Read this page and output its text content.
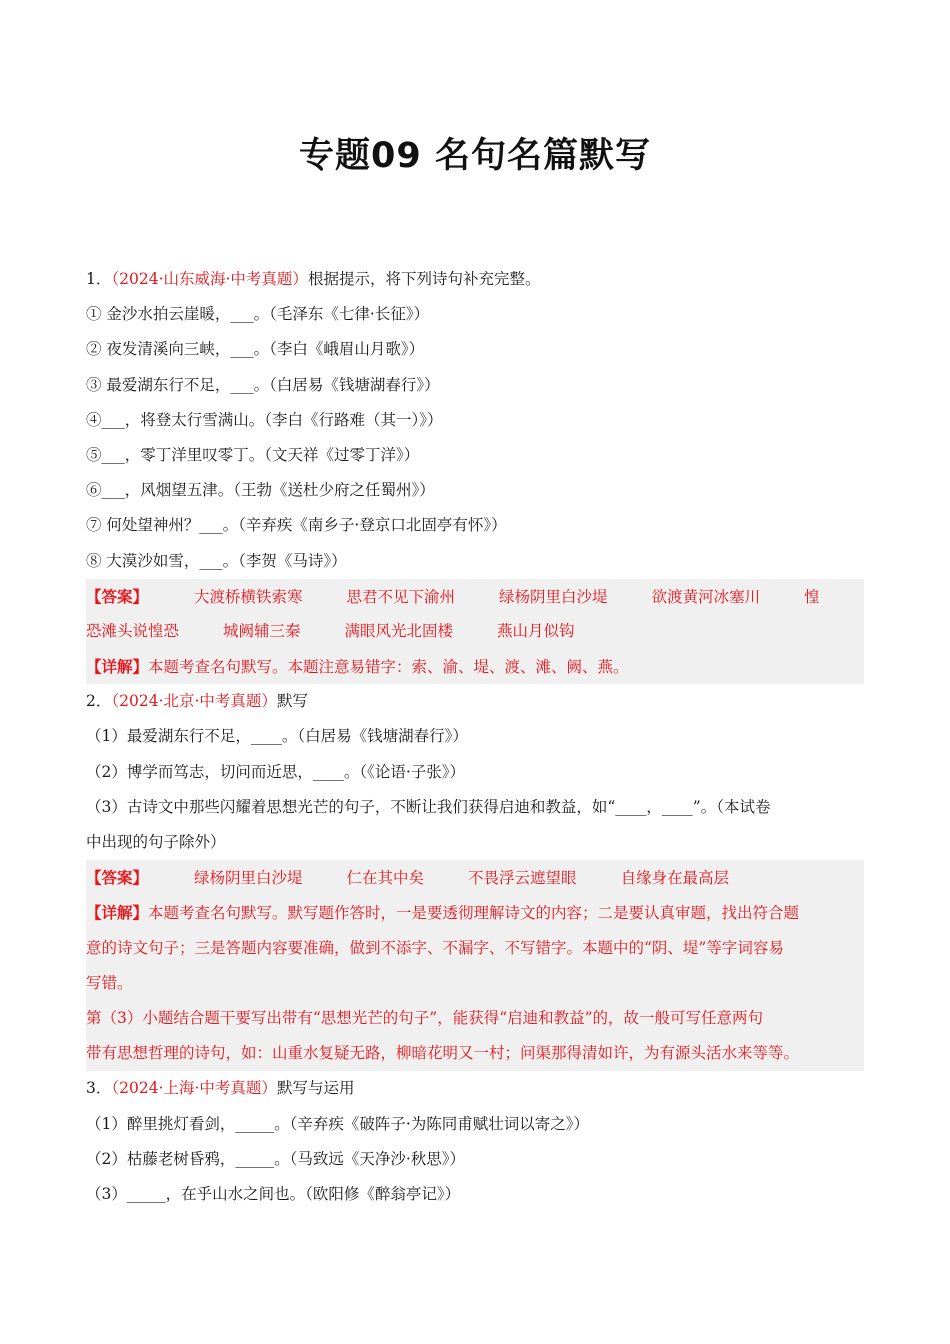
专题09 名句名篇默写
1．（2024·山东威海·中考真题）根据提示，将下列诗句补充完整。
① 金沙水拍云崖暖，___。（毛泽东《七律·长征》）
② 夜发清溪向三峡，___。（李白《峨眉山月歌》）
③ 最爱湖东行不足，___。（白居易《钱塘湖春行》）
④___，将登太行雪满山。（李白《行路难（其一）》）
⑤___，零丁洋里叹零丁。（文天祥《过零丁洋》）
⑥___，风烟望五津。（王勃《送杜少府之任蜀州》）
⑦ 何处望神州？___。（辛弃疾《南乡子·登京口北固亭有怀》）
⑧ 大漠沙如雪，___。（李贺《马诗》）
【答案】	大渡桥横铁索寒	思君不见下渝州	绿杨阴里白沙堤	欲渡黄河冰塞川	惶
恐滩头说惶恐	城阙辅三秦	满眼风光北固楼	燕山月似钩
【详解】本题考查名句默写。本题注意易错字：索、渝、堤、渡、滩、阙、燕。
2．（2024·北京·中考真题）默写
（1）最爱湖东行不足，____。（白居易《钱塘湖春行》）
（2）博学而笃志，切问而近思，____。（《论语·子张》）
（3）古诗文中那些闪耀着思想光芒的句子，不断让我们获得启迪和教益，如“____，____”。（本试卷
中出现的句子除外）
【答案】	绿杨阴里白沙堤	仁在其中矣	不畏浮云遮望眼	自缘身在最高层
【详解】本题考查名句默写。默写题作答时，一是要透彻理解诗文的内容；二是要认真审题，找出符合题
意的诗文句子；三是答题内容要准确，做到不添字、不漏字、不写错字。本题中的“阴、堤”等字词容易
写错。
第（3）小题结合题干要写出带有“思想光芒的句子”，能获得“启迪和教益”的，故一般可写任意两句
带有思想哲理的诗句，如：山重水复疑无路，柳暗花明又一村；问渠那得清如许，为有源头活水来等等。
3．（2024·上海·中考真题）默写与运用
（1）醉里挑灯看剑，_____。（辛弃疾《破阵子·为陈同甫赋壮词以寄之》）
（2）枯藤老树昏鸦，_____。（马致远《天净沙·秋思》）
（3）_____，在乎山水之间也。（欧阳修《醉翁亭记》）
